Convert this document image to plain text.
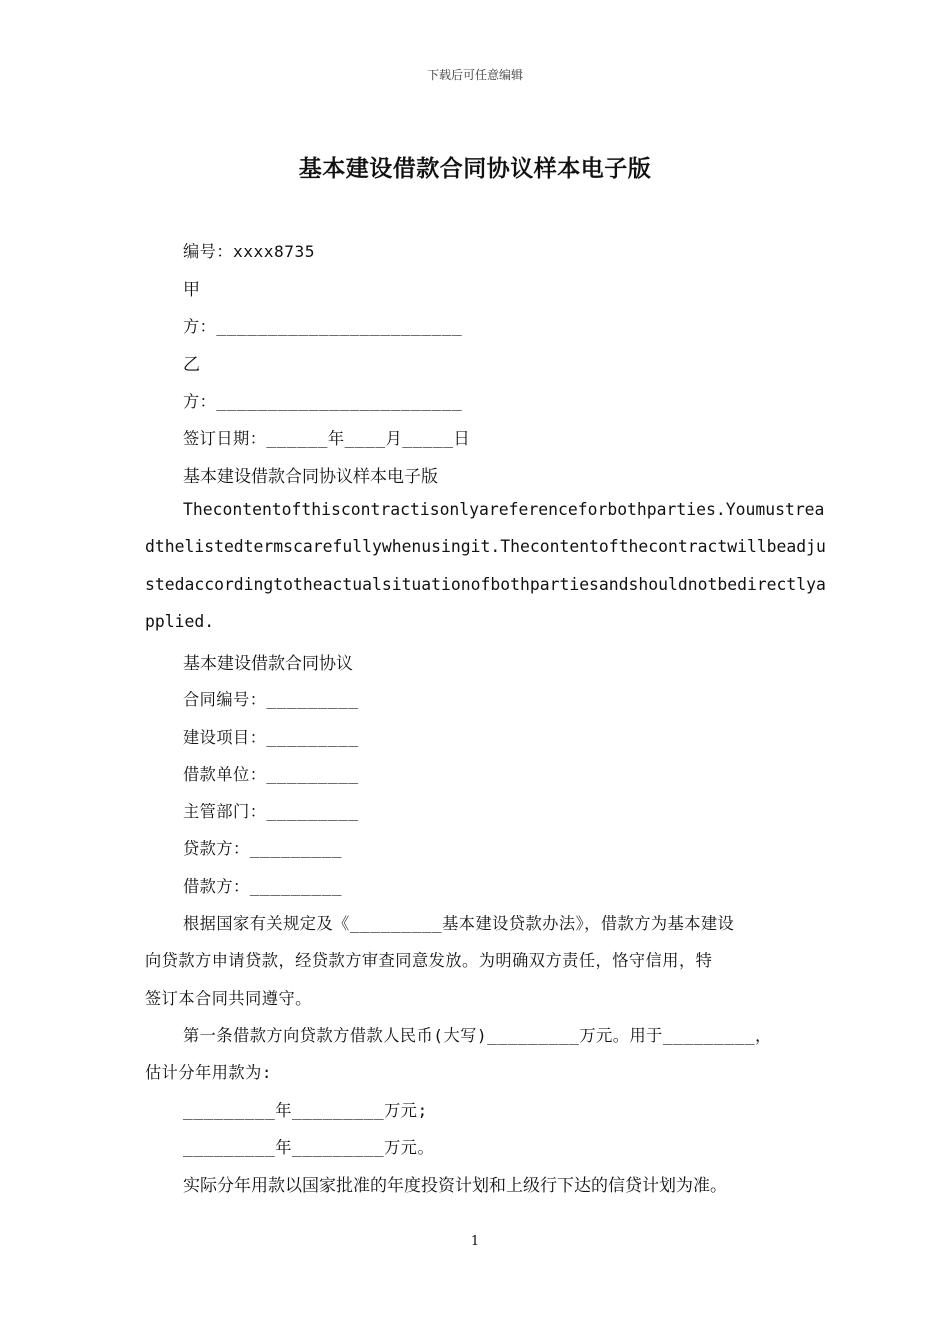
下载后可任意编辑
基本建设借款合同协议样本电子版
编号：xxxx8735
甲
方：________________________
乙
方：________________________
签订日期：______年____月_____日
基本建设借款合同协议样本电子版
Thecontentofthiscontractisonlyareferenceforbothparties.Youmustrea
dthelistedtermscarefullywhenusingit.Thecontentofthecontractwillbeadju
stedaccordingtotheactualsituationofbothpartiesandshouldnotbedirectlya
pplied.
基本建设借款合同协议
合同编号：_________
建设项目：_________
借款单位：_________
主管部门：_________
贷款方：_________
借款方：_________
根据国家有关规定及《_________基本建设贷款办法》，借款方为基本建设
向贷款方申请贷款，经贷款方审查同意发放。为明确双方责任，恪守信用，特
签订本合同共同遵守。
第一条借款方向贷款方借款人民币(大写)_________万元。用于_________，
估计分年用款为:
_________年_________万元;
_________年_________万元。
实际分年用款以国家批准的年度投资计划和上级行下达的信贷计划为准。
1
